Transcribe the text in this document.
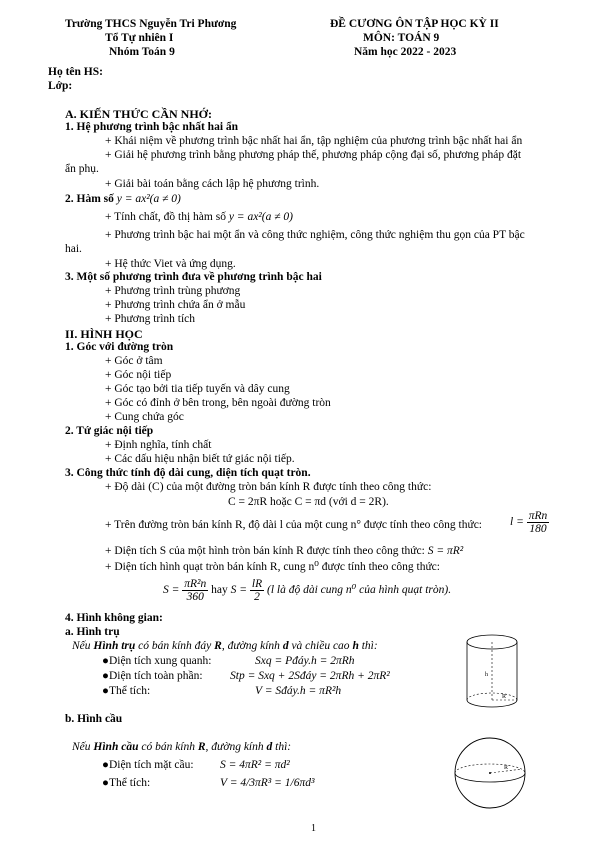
Trường THCS Nguyễn Tri Phương
Tổ Tự nhiên I
Nhóm Toán 9
ĐỀ CƯƠNG ÔN TẬP HỌC KỲ II
MÔN: TOÁN 9
Năm học 2022 - 2023
Họ tên HS:
Lớp:
A. KIẾN THỨC CẦN NHỚ:
1. Hệ phương trình bậc nhất hai ẩn
+ Khái niệm về phương trình bậc nhất hai ẩn, tập nghiệm của phương trình bậc nhất hai ẩn
+ Giải hệ phương trình bằng phương pháp thế, phương pháp cộng đại số, phương pháp đặt
ẩn phụ.
+ Giải bài toán bằng cách lập hệ phương trình.
2. Hàm số y = ax²(a ≠ 0)
+ Tính chất, đồ thị hàm số y = ax²(a ≠ 0)
+ Phương trình bậc hai một ẩn và công thức nghiệm, công thức nghiệm thu gọn của PT bậc
hai.
+ Hệ thức Viet và ứng dụng.
3. Một số phương trình đưa về phương trình bậc hai
+ Phương trình trùng phương
+ Phương trình chứa ẩn ở mẫu
+ Phương trình tích
II. HÌNH HỌC
1. Góc với đường tròn
+ Góc ở tâm
+ Góc nội tiếp
+ Góc tạo bởi tia tiếp tuyến và dây cung
+ Góc có đỉnh ở bên trong, bên ngoài đường tròn
+ Cung chứa góc
2. Tứ giác nội tiếp
+ Định nghĩa, tính chất
+ Các dấu hiệu nhận biết tứ giác nội tiếp.
3. Công thức tính độ dài cung, diện tích quạt tròn.
+ Độ dài (C) của một đường tròn bán kính R được tính theo công thức:
C = 2πR hoặc C = πd (với d = 2R).
+ Trên đường tròn bán kính R, độ dài l của một cung n° được tính theo công thức: $l = \frac{\text{πRn}}{180}$
+ Diện tích S của một hình tròn bán kính R được tính theo công thức: S = πR²
+ Diện tích hình quạt tròn bán kính R, cung n⁰ được tính theo công thức:
$S = \frac{\text{πR²n}}{360}$ hay $S = \frac{lR}{2} (l$ là độ dài cung n⁰ của hình quạt tròn).
4. Hình không gian:
a. Hình trụ
Nếu Hình trụ có bán kính đáy R, đường kính d và chiều cao h thì:
●Diện tích xung quanh:	Sxq = Pđáy.h = 2πRh
●Diện tích toàn phần: Stp = Sxq + 2Sđáy = 2πRh + 2πR²
●Thể tích:	V = Sđáy.h = πR²h
h
R
b. Hình cầu
Nếu Hình cầu có bán kính R, đường kính d thì:
●Diện tích mặt cầu: S = 4πR² = πd²
●Thể tích:	V = 4/3πR³ = 1/6πd³
R
1
